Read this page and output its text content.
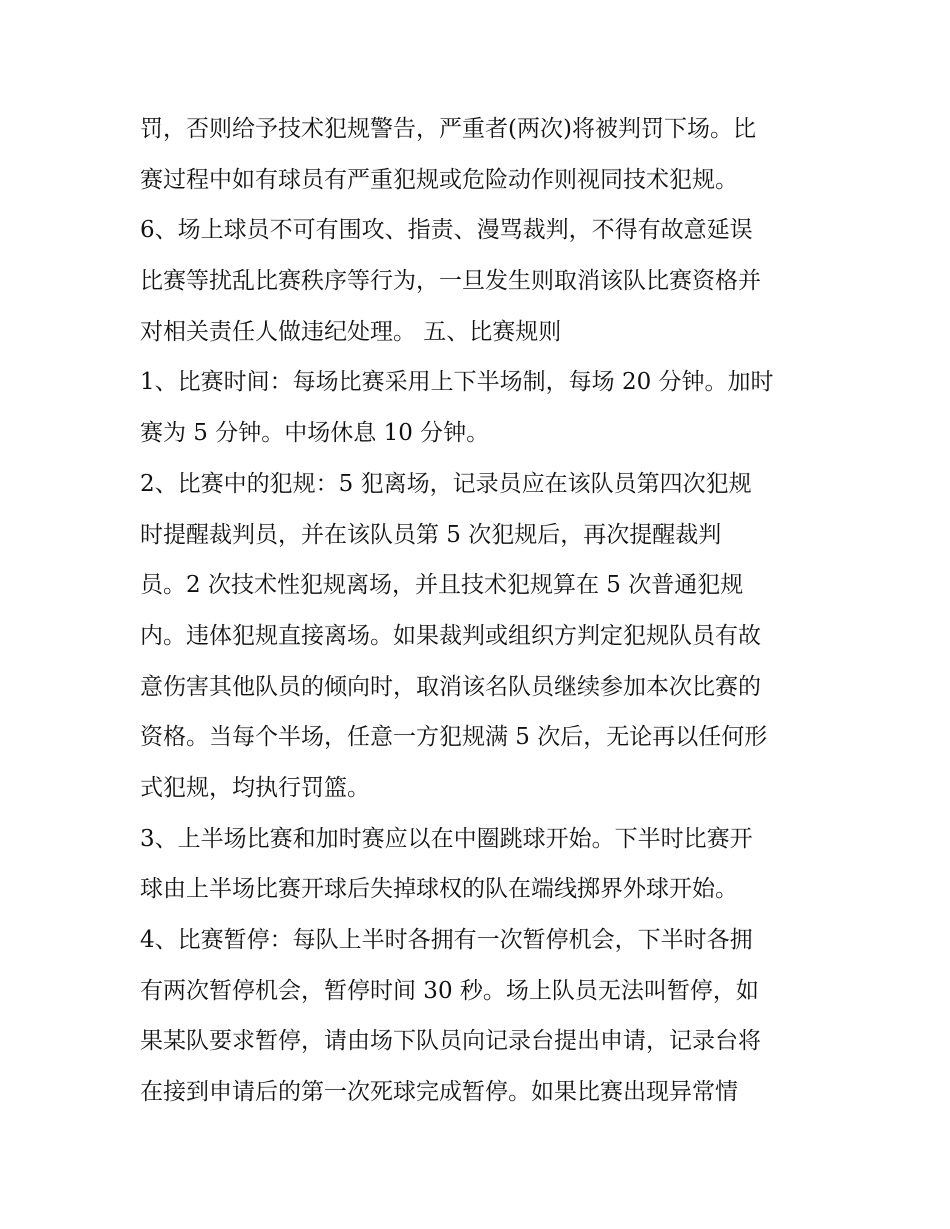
罚，否则给予技术犯规警告，严重者(两次)将被判罚下场。比
赛过程中如有球员有严重犯规或危险动作则视同技术犯规。
6、场上球员不可有围攻、指责、漫骂裁判，不得有故意延误
比赛等扰乱比赛秩序等行为，一旦发生则取消该队比赛资格并
对相关责任人做违纪处理。 五、比赛规则
1、比赛时间：每场比赛采用上下半场制，每场 20 分钟。加时
赛为 5 分钟。中场休息 10 分钟。
2、比赛中的犯规：5 犯离场，记录员应在该队员第四次犯规
时提醒裁判员，并在该队员第 5 次犯规后，再次提醒裁判
员。2 次技术性犯规离场，并且技术犯规算在 5 次普通犯规
内。违体犯规直接离场。如果裁判或组织方判定犯规队员有故
意伤害其他队员的倾向时，取消该名队员继续参加本次比赛的
资格。当每个半场，任意一方犯规满 5 次后，无论再以任何形
式犯规，均执行罚篮。
3、上半场比赛和加时赛应以在中圈跳球开始。下半时比赛开
球由上半场比赛开球后失掉球权的队在端线掷界外球开始。
4、比赛暂停：每队上半时各拥有一次暂停机会，下半时各拥
有两次暂停机会，暂停时间 30 秒。场上队员无法叫暂停，如
果某队要求暂停，请由场下队员向记录台提出申请，记录台将
在接到申请后的第一次死球完成暂停。如果比赛出现异常情
